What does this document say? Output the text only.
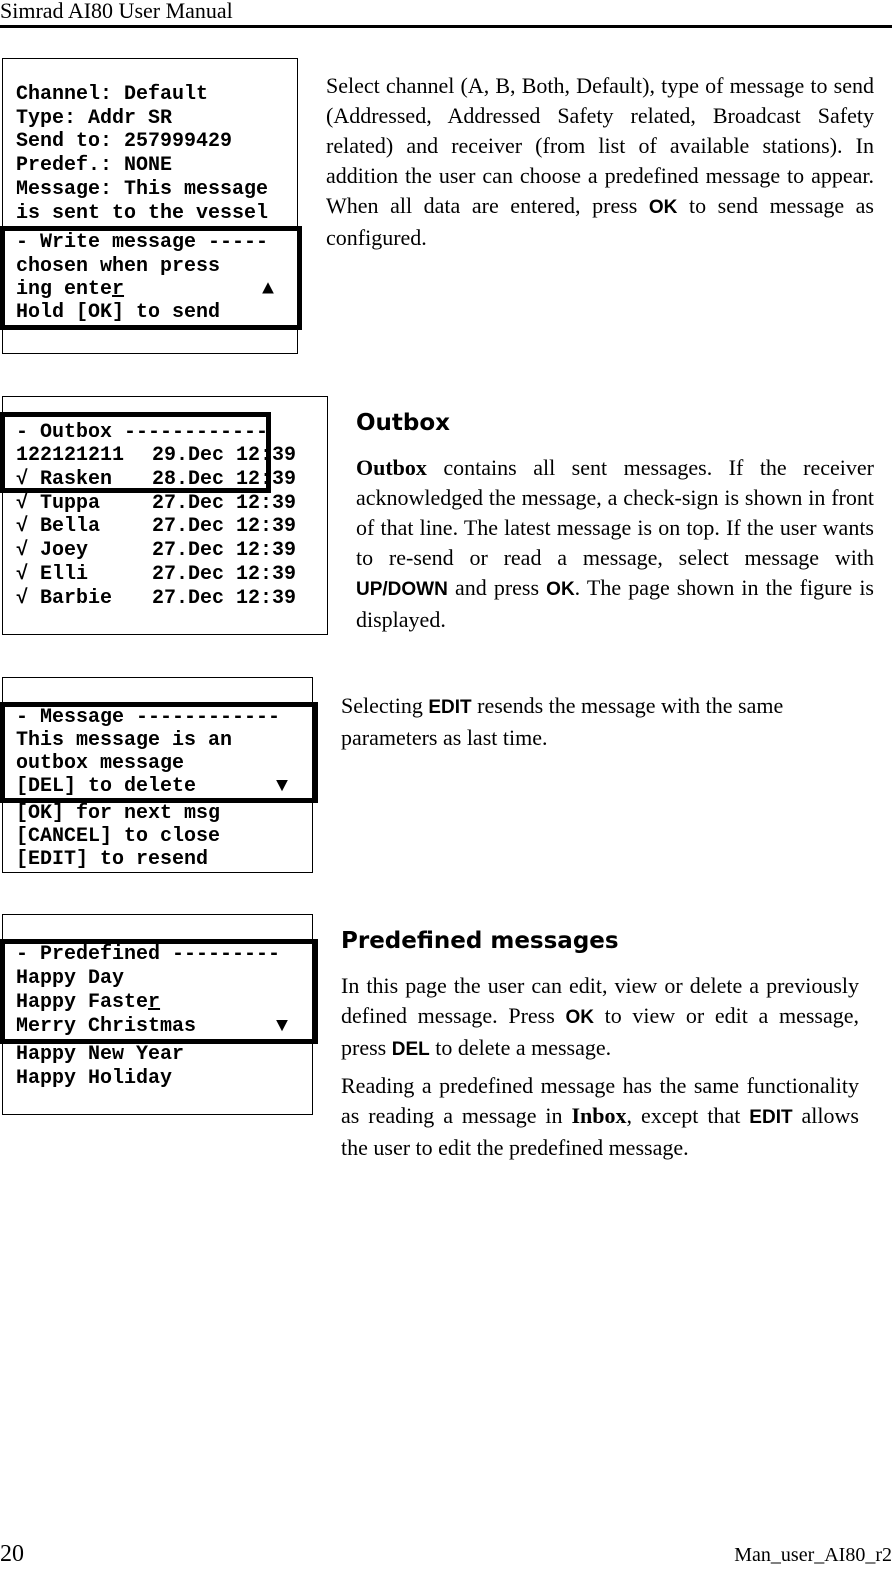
Simrad AI80 User Manual
Channel: Default
Type: Addr SR
Send to: 257999429
Predef.: NONE
Message: This message
is sent to the vessel
- Write message -----
chosen when press
ing enter	▲
Hold [OK] to send

Select channel (A, B, Both, Default), type of message to send (Addressed, Addressed Safety related, Broadcast Safety related) and receiver (from list of available stations). In addition the user can choose a predefined message to appear. When all data are entered, press OK to send message as configured.

- Outbox ------------
122121211 29.Dec 12:39
√ Rasken 28.Dec 12:39
√ Tuppa	27.Dec 12:39
√ Bella	27.Dec 12:39
√ Joey	27.Dec 12:39
√ Elli	27.Dec 12:39
√ Barbie 27.Dec 12:39
Outbox

Outbox contains all sent messages. If the receiver acknowledged the message, a check-sign is shown in front of that line. The latest message is on top. If the user wants to re-send or read a message, select message with UP/DOWN and press OK. The page shown in the figure is displayed.

- Message ------------
This message is an
outbox message
[DEL] to delete	▼
[OK] for next msg
[CANCEL] to close
[EDIT] to resend

Selecting EDIT resends the message with the same parameters as last time.

- Predefined ---------
Happy Day
Happy Faster
Merry Christmas	▼
Happy New Year
Happy Holiday
Predefined messages

In this page the user can edit, view or delete a previously defined message. Press OK to view or edit a message, press DEL to delete a message.

Reading a predefined message has the same functionality as reading a message in Inbox, except that EDIT allows the user to edit the predefined message.

20	Man_user_AI80_r2
